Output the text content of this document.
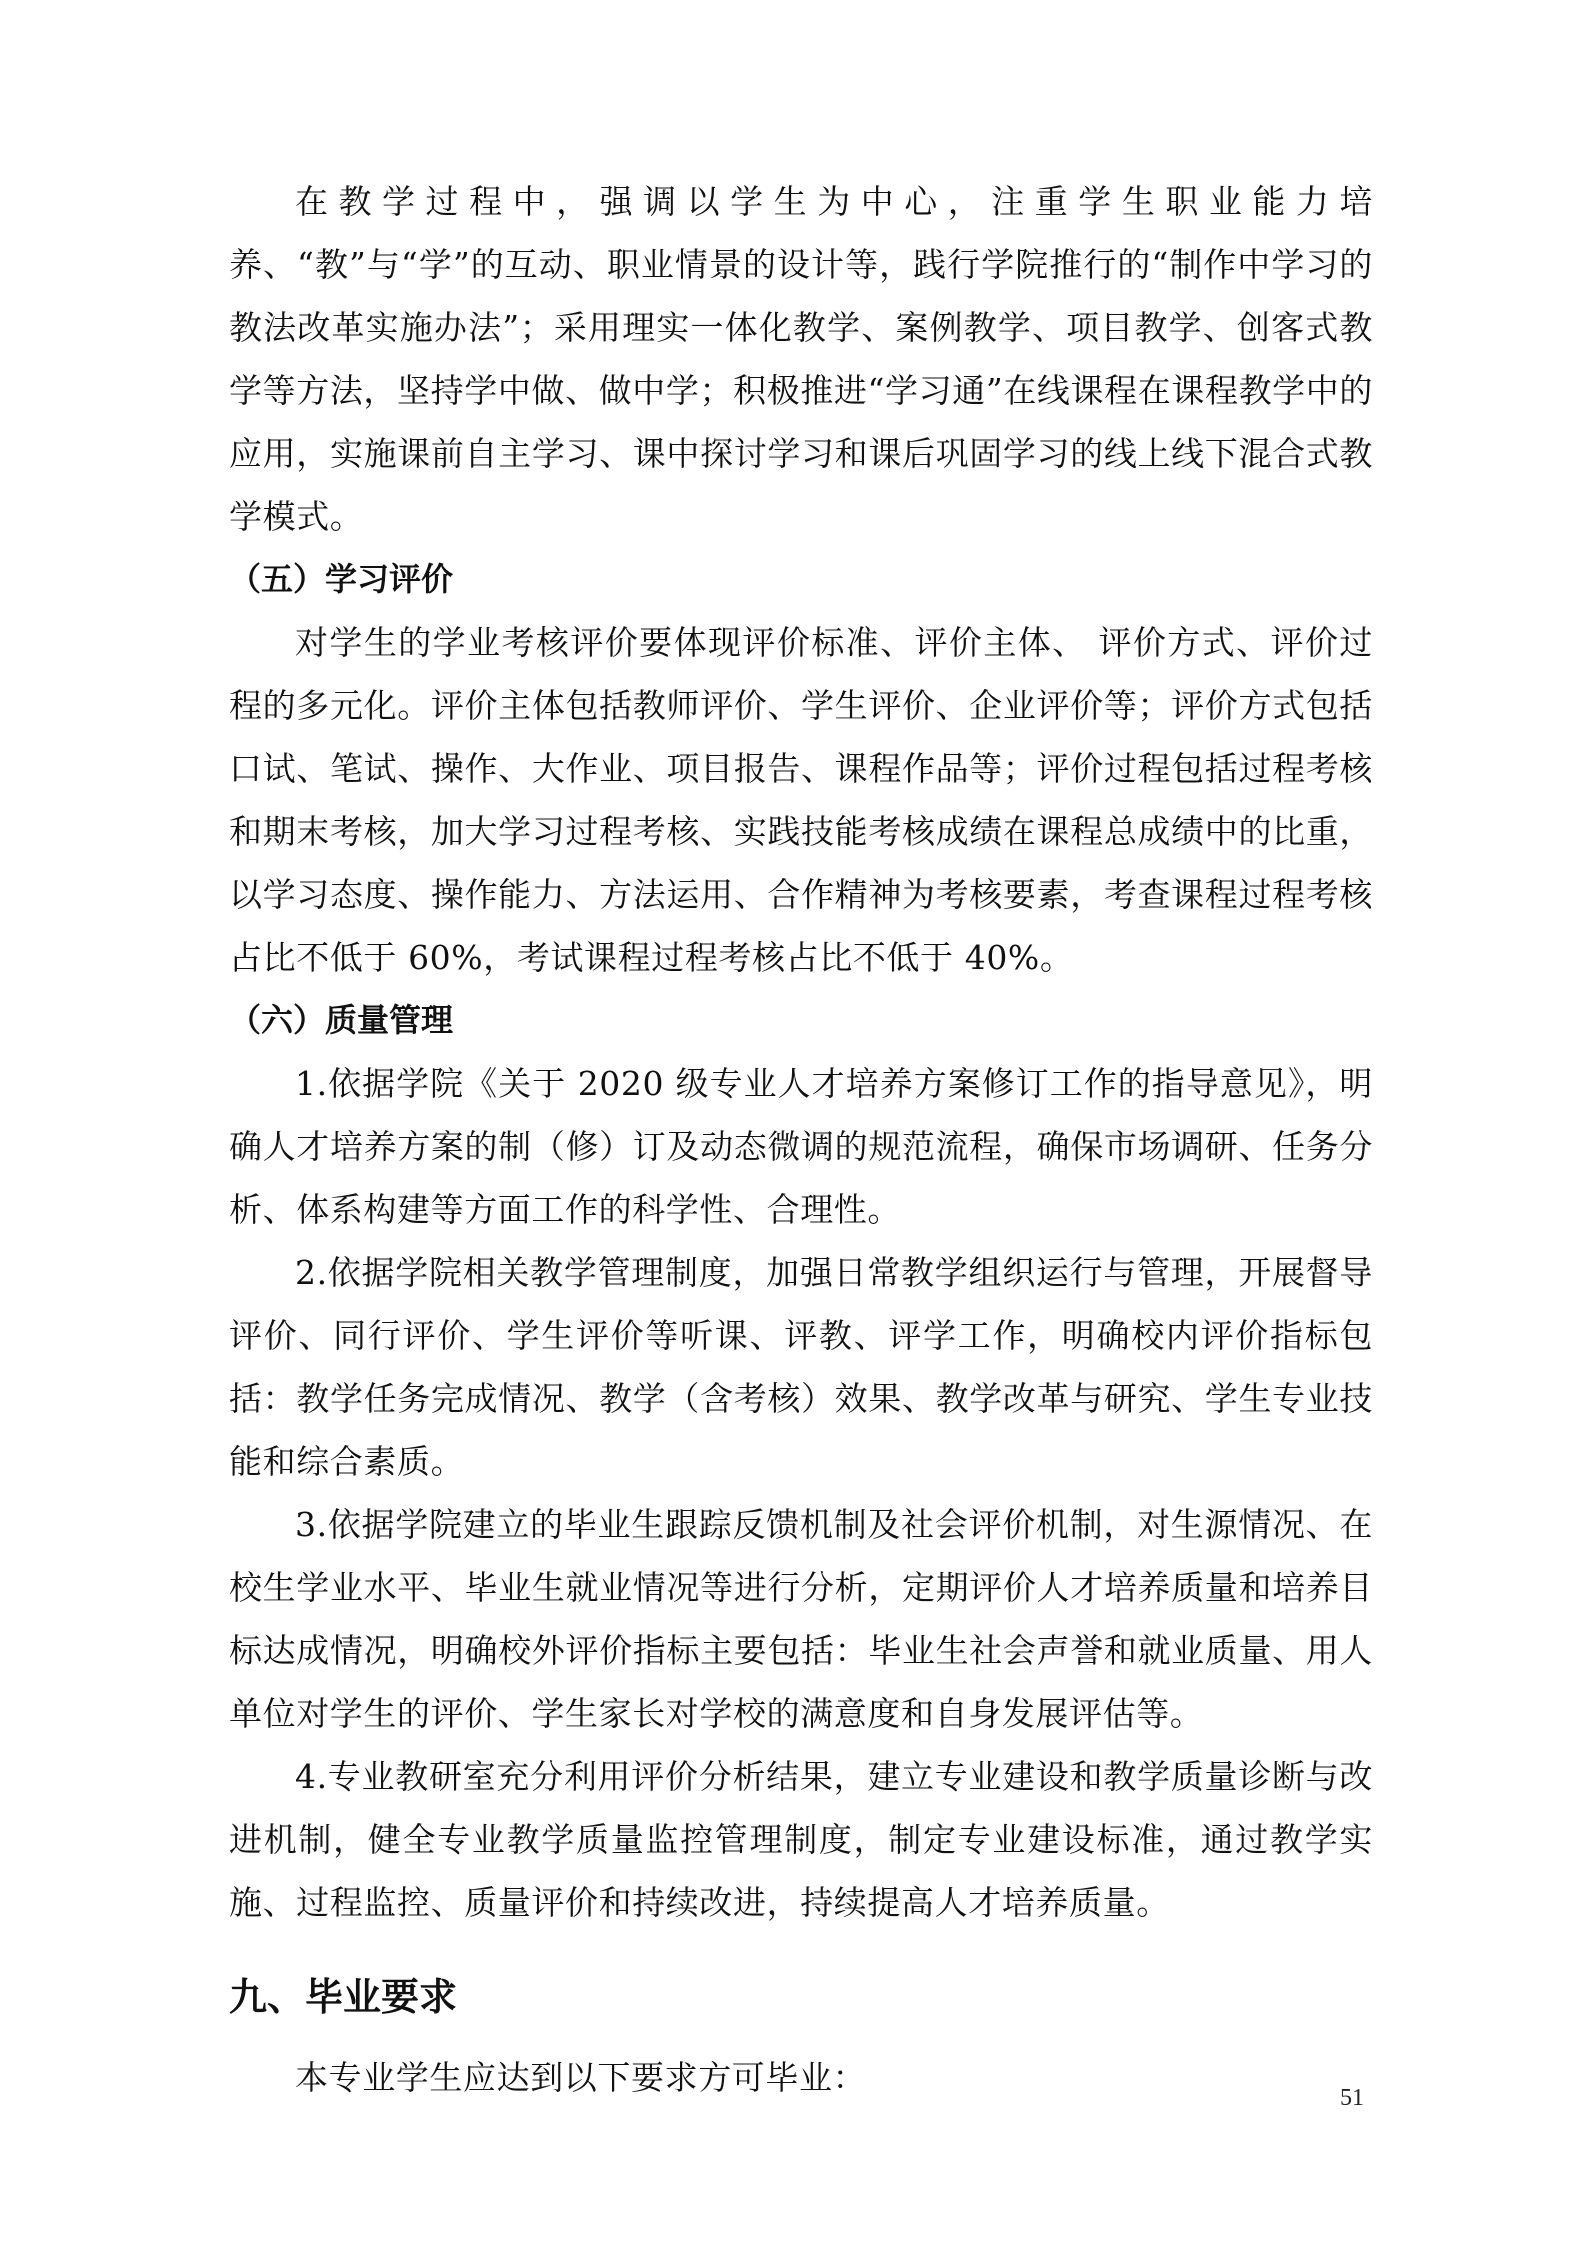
在教学过程中，强调以学生为中心，注重学生职业能力培养、“教”与“学”的互动、职业情景的设计等，践行学院推行的“制作中学习的教法改革实施办法”；采用理实一体化教学、案例教学、项目教学、创客式教学等方法，坚持学中做、做中学；积极推进“学习通”在线课程在课程教学中的应用，实施课前自主学习、课中探讨学习和课后巩固学习的线上线下混合式教学模式。

（五）学习评价

对学生的学业考核评价要体现评价标准、评价主体、 评价方式、评价过程的多元化。评价主体包括教师评价、学生评价、企业评价等；评价方式包括口试、笔试、操作、大作业、项目报告、课程作品等；评价过程包括过程考核和期末考核，加大学习过程考核、实践技能考核成绩在课程总成绩中的比重，以学习态度、操作能力、方法运用、合作精神为考核要素，考查课程过程考核占比不低于 60%，考试课程过程考核占比不低于 40%。

（六）质量管理

1.依据学院《关于 2020 级专业人才培养方案修订工作的指导意见》，明确人才培养方案的制（修）订及动态微调的规范流程，确保市场调研、任务分析、体系构建等方面工作的科学性、合理性。

2.依据学院相关教学管理制度，加强日常教学组织运行与管理，开展督导评价、同行评价、学生评价等听课、评教、评学工作，明确校内评价指标包括：教学任务完成情况、教学（含考核）效果、教学改革与研究、学生专业技能和综合素质。

3.依据学院建立的毕业生跟踪反馈机制及社会评价机制，对生源情况、在校生学业水平、毕业生就业情况等进行分析，定期评价人才培养质量和培养目标达成情况，明确校外评价指标主要包括：毕业生社会声誉和就业质量、用人单位对学生的评价、学生家长对学校的满意度和自身发展评估等。

4.专业教研室充分利用评价分析结果，建立专业建设和教学质量诊断与改进机制，健全专业教学质量监控管理制度，制定专业建设标准，通过教学实施、过程监控、质量评价和持续改进，持续提高人才培养质量。

九、毕业要求

本专业学生应达到以下要求方可毕业：

51
